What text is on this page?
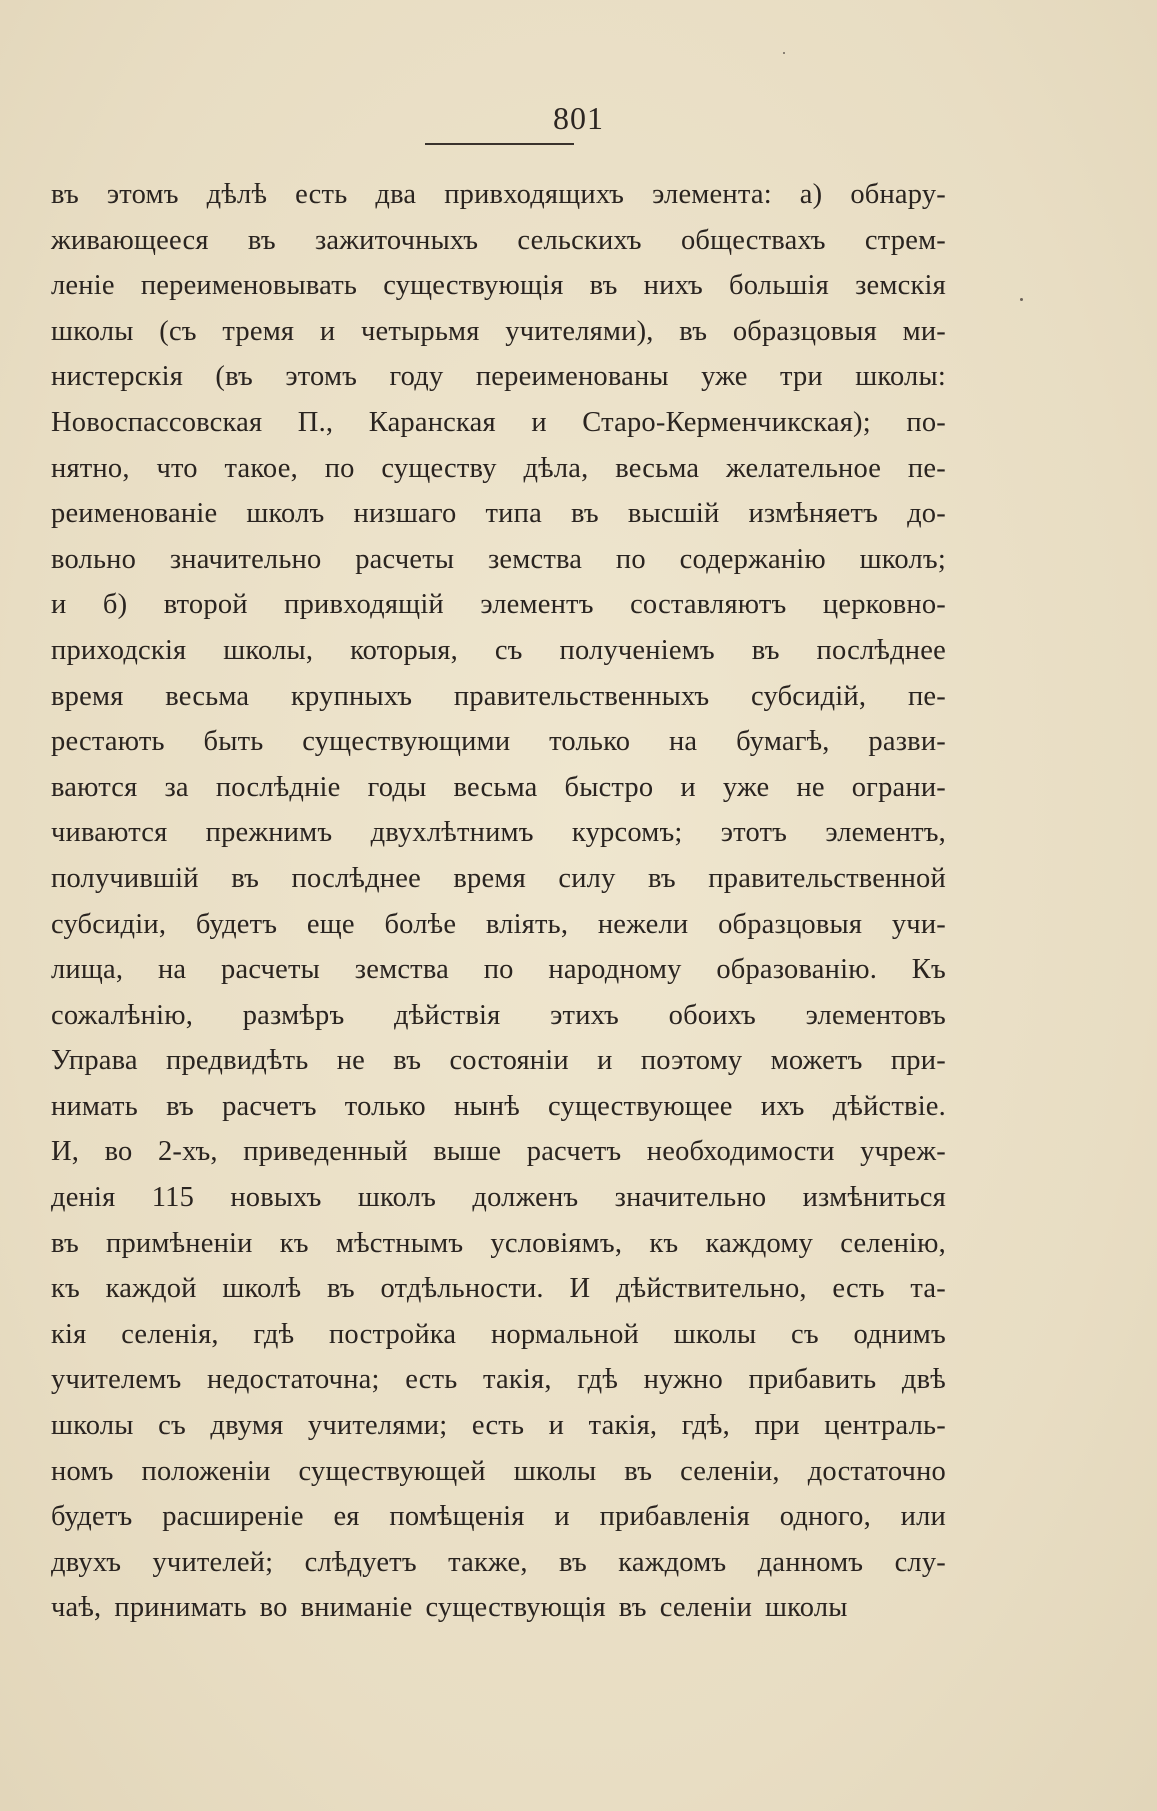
801
въ этомъ дѣлѣ есть два привходящихъ элемента: а) обнару-
живающееся въ зажиточныхъ сельскихъ обществахъ стрем-
ленiе переименовывать существующiя въ нихъ большiя земскiя
школы (съ тремя и четырьмя учителями), въ образцовыя ми-
нистерскiя (въ этомъ году переименованы уже три школы:
Новоспассовская П., Каранская и Старо-Керменчикская); по-
нятно, что такое, по существу дѣла, весьма желательное пе-
реименованiе школъ низшаго типа въ высшiй измѣняетъ до-
вольно значительно расчеты земства по содержанiю школъ;
и б) второй привходящiй элементъ составляютъ церковно-
приходскiя школы, которыя, съ полученiемъ въ послѣднее
время весьма крупныхъ правительственныхъ субсидiй, пе-
рестають быть существующими только на бумагѣ, разви-
ваются за послѣднiе годы весьма быстро и уже не ограни-
чиваются прежнимъ двухлѣтнимъ курсомъ; этотъ элементъ,
получившiй въ послѣднее время силу въ правительственной
субсидiи, будетъ еще болѣе влiять, нежели образцовыя учи-
лища, на расчеты земства по народному образованiю. Къ
сожалѣнiю, размѣръ дѣйствiя этихъ обоихъ элементовъ
Управа предвидѣть не въ состоянiи и поэтому можетъ при-
нимать въ расчетъ только нынѣ существующее ихъ дѣйствiе.
И, во 2-хъ, приведенный выше расчетъ необходимости учреж-
денiя 115 новыхъ школъ долженъ значительно измѣниться
въ примѣненiи къ мѣстнымъ условiямъ, къ каждому селенiю,
къ каждой школѣ въ отдѣльности. И дѣйствительно, есть та-
кiя селенiя, гдѣ постройка нормальной школы съ однимъ
учителемъ недостаточна; есть такiя, гдѣ нужно прибавить двѣ
школы съ двумя учителями; есть и такiя, гдѣ, при централь-
номъ положенiи существующей школы въ селенiи, достаточно
будетъ расширенiе ея помѣщенiя и прибавленiя одного, или
двухъ учителей; слѣдуетъ также, въ каждомъ данномъ слу-
чаѣ, принимать во вниманiе существующiя въ селенiи школы
